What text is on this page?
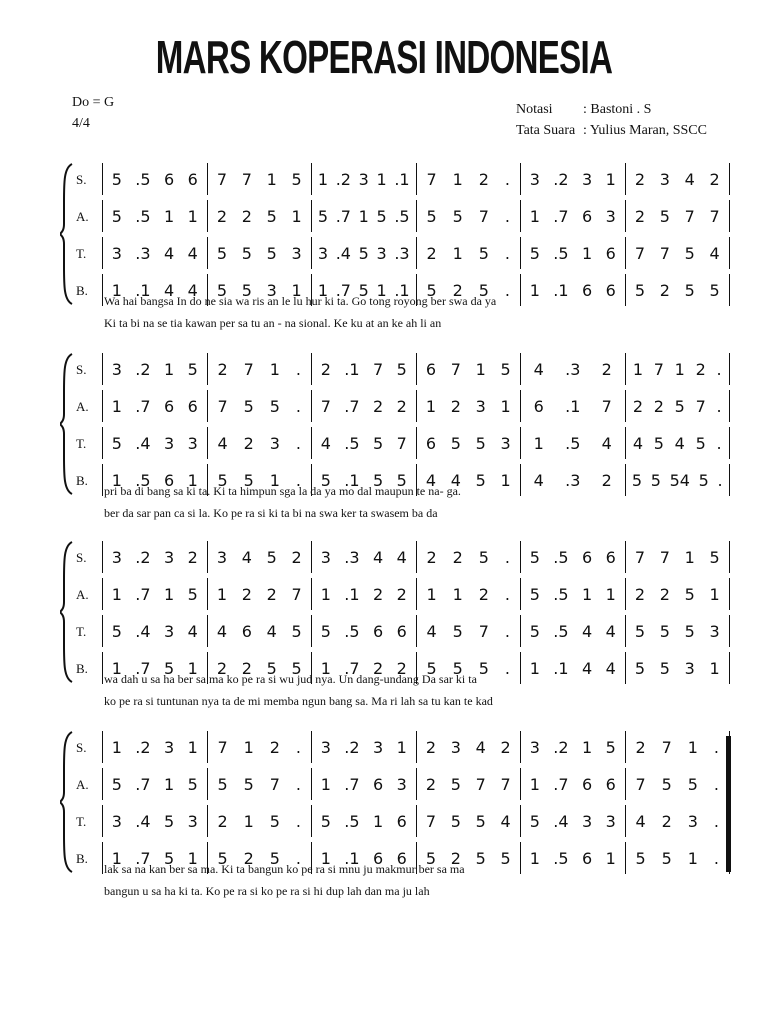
MARS KOPERASI INDONESIA
Do = G
4/4
Notasi	: Bastoni . S
Tata Suara : Yulius Maran, SSCC
S.	5 .5 6 6 7 7 1 5 1 .2 3 1 .1 7 1 2 . 3 .2 3 1 2 3 4 2
A.	5 .5 1 1 2 2 5 1 5 .7 1 5 .5 5 5 7 . 1 .7 6 3 2 5 7 7
T.	3 .3 4 4 5 5 5 3 3 .4 5 3 .3 2 1 5 . 5 .5 1 6 7 7 5 4
B.	1 .1 4 4 5 5 3 1 1 .7 5 1 .1 5 2 5 . 1 .1 6 6 5 2 5 5
Wa hai bangsa In do ne sia wa ris an le lu hur ki ta. Go tong royong ber swa da ya
Ki ta bi na se tia kawan per sa tu an - na sional. Ke ku at an ke ah li an
S.	3 .2 1 5 2 7 1 . 2 .1 7 5 6 7 1 5 4 .3 2 1 7 1 2 .
A.	1 .7 6 6 7 5 5 . 7 .7 2 2 1 2 3 1 6 .1 7 2 2 5 7 .
T.	5 .4 3 3 4 2 3 . 4 .5 5 7 6 5 5 3 1 .5 4 4 5 4 5 .
B.	1 .5 6 1 5 5 1 . 5 .1 5 5 4 4 5 1 4 .3 2 5 5 54 5 .
pri ba di bang sa ki ta. Ki ta himpun sga la da ya mo dal maupun te na- ga.
ber da sar pan ca si la. Ko pe ra si ki ta bi na swa ker ta swasem ba da
S.	3 .2 3 2 3 4 5 2 3 .3 4 4 2 2 5 . 5 .5 6 6 7 7 1 5
A.	1 .7 1 5 1 2 2 7 1 .1 2 2 1 1 2 . 5 .5 1 1 2 2 5 1
T.	5 .4 3 4 4 6 4 5 5 .5 6 6 4 5 7 . 5 .5 4 4 5 5 5 3
B.	1 .7 5 1 2 2 5 5 1 .7 2 2 5 5 5 . 1 .1 4 4 5 5 3 1
wa dah u sa ha ber sa ma ko pe ra si wu jud nya. Un dang-undang Da sar ki ta
ko pe ra si tuntunan nya ta de mi memba ngun bang sa. Ma ri lah sa tu kan te kad
S.	1 .2 3 1 7 1 2 . 3 .2 3 1 2 3 4 2 3 .2 1 5 2 7 1 .
A.	5 .7 1 5 5 5 7 . 1 .7 6 3 2 5 7 7 1 .7 6 6 7 5 5 .
T.	3 .4 5 3 2 1 5 . 5 .5 1 6 7 5 5 4 5 .4 3 3 4 2 3 .
B.	1 .7 5 1 5 2 5 . 1 .1 6 6 5 2 5 5 1 .5 6 1 5 5 1 .
lak sa na kan ber sa ma. Ki ta bangun ko pe ra si mnu ju makmur ber sa ma
bangun u sa ha ki ta. Ko pe ra si ko pe ra si hi dup lah dan ma ju lah
